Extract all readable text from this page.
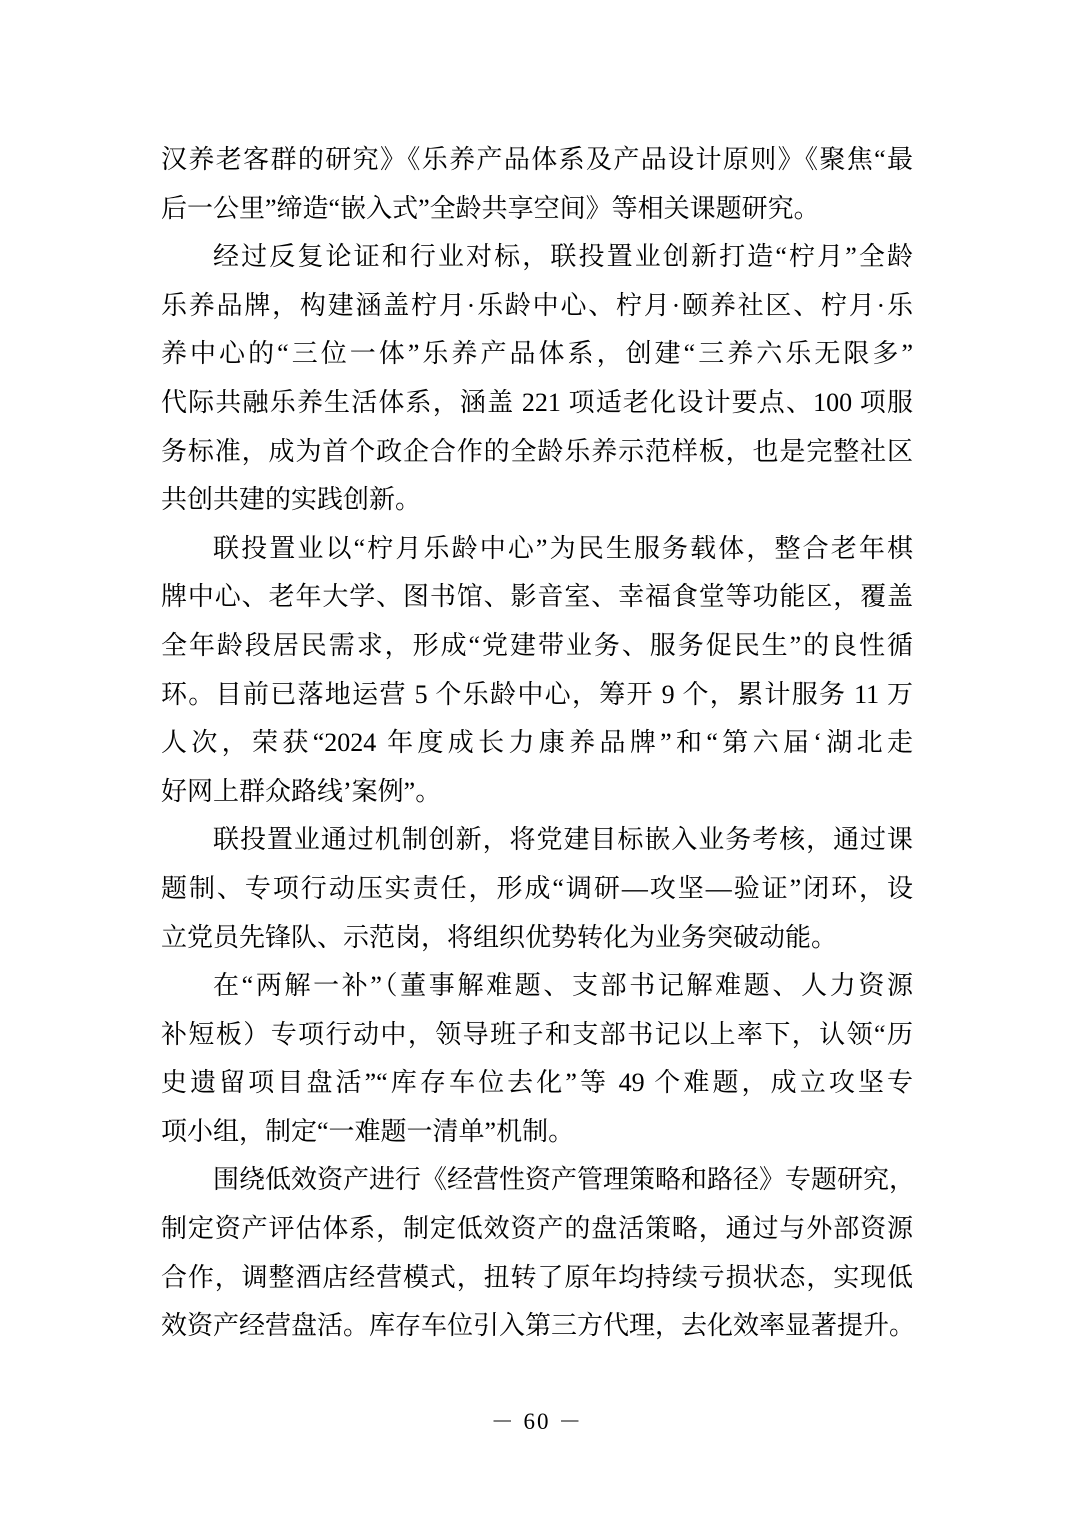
汉养老客群的研究》《乐养产品体系及产品设计原则》《聚焦“最

后一公里”缔造“嵌入式”全龄共享空间》等相关课题研究。

经过反复论证和行业对标，联投置业创新打造“柠月”全龄

乐养品牌，构建涵盖柠月·乐龄中心、柠月·颐养社区、柠月·乐

养中心的“三位一体”乐养产品体系，创建“三养六乐无限多”

代际共融乐养生活体系，涵盖 221 项适老化设计要点、100 项服

务标准，成为首个政企合作的全龄乐养示范样板，也是完整社区

共创共建的实践创新。

联投置业以“柠月乐龄中心”为民生服务载体，整合老年棋

牌中心、老年大学、图书馆、影音室、幸福食堂等功能区，覆盖

全年龄段居民需求，形成“党建带业务、服务促民生”的良性循

环。目前已落地运营 5 个乐龄中心，筹开 9 个，累计服务 11 万

人次，荣获“2024 年度成长力康养品牌”和“第六届‘湖北走

好网上群众路线’案例”。

联投置业通过机制创新，将党建目标嵌入业务考核，通过课

题制、专项行动压实责任，形成“调研—攻坚—验证”闭环，设

立党员先锋队、示范岗，将组织优势转化为业务突破动能。

在“两解一补”（董事解难题、支部书记解难题、人力资源

补短板）专项行动中，领导班子和支部书记以上率下，认领“历

史遗留项目盘活”“库存车位去化”等 49 个难题，成立攻坚专

项小组，制定“一难题一清单”机制。

围绕低效资产进行《经营性资产管理策略和路径》专题研究，

制定资产评估体系，制定低效资产的盘活策略，通过与外部资源

合作，调整酒店经营模式，扭转了原年均持续亏损状态，实现低

效资产经营盘活。库存车位引入第三方代理，去化效率显著提升。

－ 60 －
